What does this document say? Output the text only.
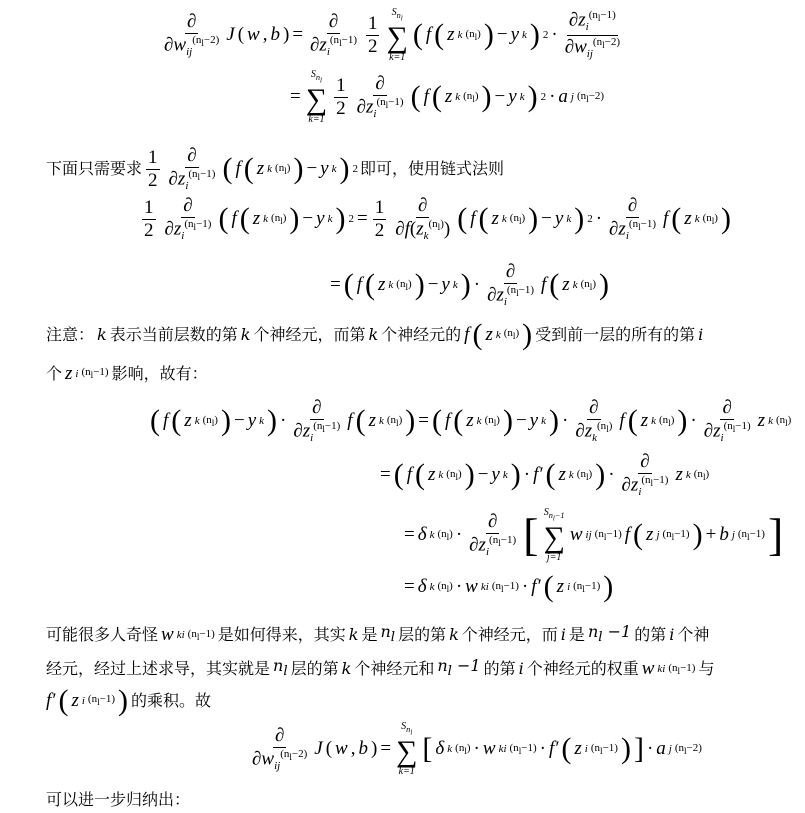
$\frac{\partial}{\partial w_{ij}^{(n_l-2)}}$ J ( w , b ) = $\frac{\partial}{\partial z_i^{(n_l-1)}} \frac{1}{2}$
$S_{n_l}$
∑
k=1
( f ( z k $(n_l)$ ) − y k ) $2 \cdot \frac{\partial z_i^{(n_l-1)}}{\partial w_{ij}^{(n_l-2)}}$
=
$S_{n_l}$
∑
k=1
$\frac{1}{2} \frac{\partial}{\partial z_i^{(n_l-1)}}$ ( f ( z k $(n_l)$ ) − y k ) 2 · a j $(n_l-2)$
下面只需要求 $\frac{1}{2} \frac{\partial}{\partial z_i^{(n_l-1)}}$ ( f ( z k $(n_l)$ ) − y k ) 2 即可，使用链式法则
$\frac{1}{2} \frac{\partial}{\partial z_i^{(n_l-1)}}$ ( f ( z k $(n_l)$ ) − y k ) $2 = \frac{1}{2} \frac{\partial}{\partial f(z_k^{(n_l)})}$ ( f ( z k $(n_l)$ ) − y k ) $2 \cdot \frac{\partial}{\partial z_i^{(n_l-1)}}$ f ( z k $(n_l)$ )
= ( f ( z k $(n_l)$ ) − y k ) · $\frac{\partial}{\partial z_i^{(n_l-1)}}$ f ( z k $(n_l)$ )
注意： k 表示当前层数的第 k 个神经元，而第 k 个神经元的 f ( z k $(n_l)$ ) 受到前一层的所有的第 i
个 z i $(n_l-1)$ 影响，故有：
( f ( z k $(n_l)$ ) − y k ) · $\frac{\partial}{\partial z_i^{(n_l-1)}}$ f ( z k $(n_l)$ ) = ( f ( z k $(n_l)$ ) − y k ) · $\frac{\partial}{\partial z_k^{(n_l)}}$ f ( z k $(n_l)$ ) · $\frac{\partial}{\partial z_i^{(n_l-1)}}$ z k $(n_l)$
= ( f ( z k $(n_l)$ ) − y k ) · f′ ( z k $(n_l)$ ) · $\frac{\partial}{\partial z_i^{(n_l-1)}}$ z k $(n_l)$
= δ k $(n_l) \cdot \frac{\partial}{\partial z_i^{(n_l-1)}}$ [ $S_{n_l-1}$
∑
j=1
w ij $(n_l-1)$ f ( z j $(n_l-1)$ ) + b j $(n_l-1)$ ]
= δ k $(n_l) \cdot w$ ki $(n_l-1) \cdot f'$ ( z i $(n_l-1)$ )
可能很多人奇怪 w ki $(n_l-1)$ 是如何得来，其实 k 是 $n_l$ 层的第 k 个神经元，而 i 是 $n_l -1$ 的第 i 个神
经元，经过上述求导，其实就是 $n_l$ 层的第 k 个神经元和 $n_l -1$ 的第 i 个神经元的权重 w ki $(n_l-1)$ 与
f′ ( z i $(n_l-1)$ ) 的乘积。故
$\frac{\partial}{\partial w_{ij}^{(n_l-2)}}$ J ( w , b ) =
$S_{n_l}$
∑
k=1
[ δ k $(n_l) \cdot w$ ki $(n_l-1) \cdot f'$ ( z i $(n_l-1)$ ) ] · a j $(n_l-2)$
可以进一步归纳出：
